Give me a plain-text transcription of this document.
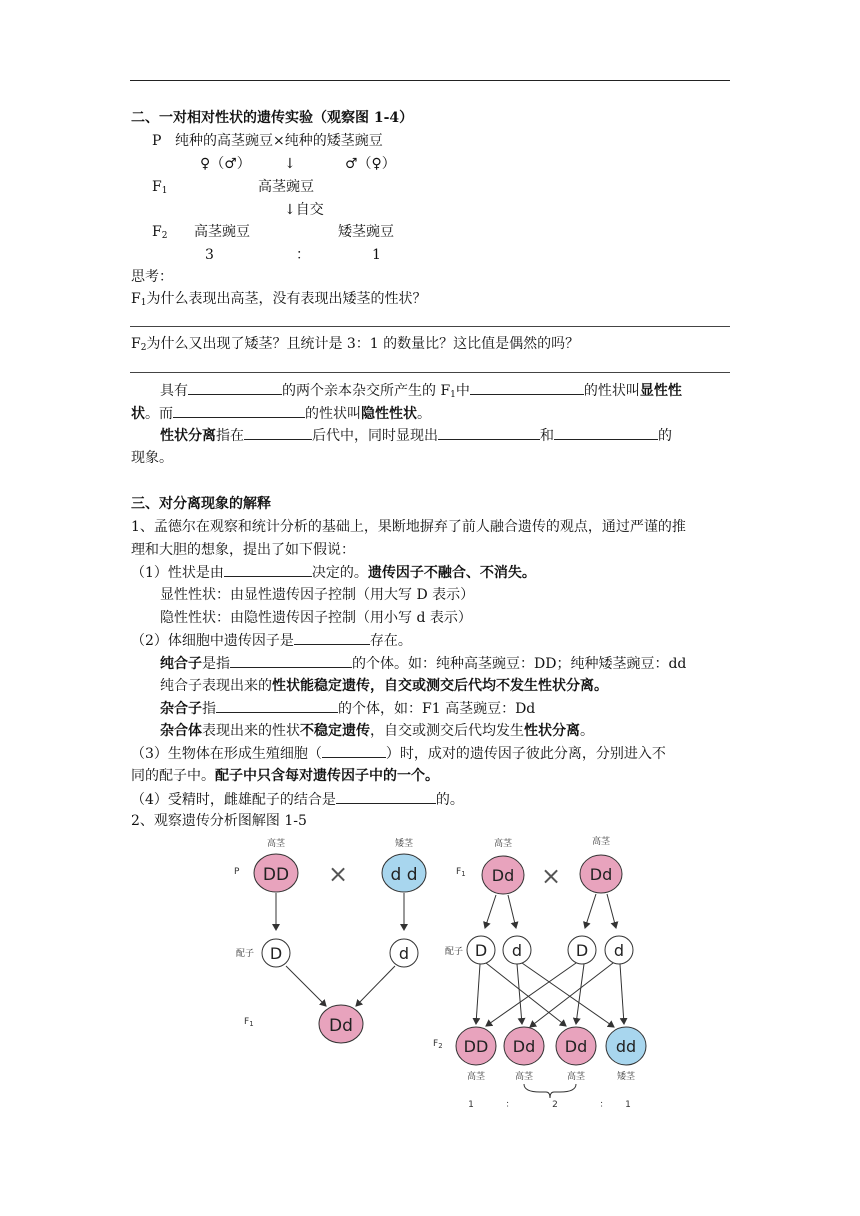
二、一对相对性状的遗传实验（观察图 1-4）
P 纯种的高茎豌豆×纯种的矮茎豌豆
♀（♂） ↓	♂（♀）
$F_1$	高茎豌豆
↓自交
$F_2$ 高茎豌豆	矮茎豌豆
3	：	1
思考：
$F_1$为什么表现出高茎，没有表现出矮茎的性状？
$F_2$为什么又出现了矮茎？且统计是 3：1 的数量比？这比值是偶然的吗？
具有	的两个亲本杂交所产生的 $F_1$中	的性状叫显性性
状。而	的性状叫隐性性状。
性状分离指在	后代中，同时显现出	和	的
现象。
三、对分离现象的解释
1、孟德尔在观察和统计分析的基础上，果断地摒弃了前人融合遗传的观点，通过严谨的推
理和大胆的想象，提出了如下假说：
（1）性状是由	决定的。遗传因子不融合、不消失。
显性性状：由显性遗传因子控制（用大写 D 表示）
隐性性状：由隐性遗传因子控制（用小写 d 表示）
（2）体细胞中遗传因子是	存在。
纯合子是指	的个体。如：纯种高茎豌豆：DD；纯种矮茎豌豆：dd
纯合子表现出来的性状能稳定遗传，自交或测交后代均不发生性状分离。
杂合子指	的个体，如：F1 高茎豌豆：Dd
杂合体表现出来的性状不稳定遗传，自交或测交后代均发生性状分离。
（3）生物体在形成生殖细胞（	）时，成对的遗传因子彼此分离，分别进入不
同的配子中。配子中只含每对遗传因子中的一个。
（4）受精时，雌雄配子的结合是	的。
2、观察遗传分析图解图 1-5
高茎	矮茎
P DD × d d
配子 D	d
$F_1$	Dd
高茎	高茎
$F_1$ Dd × Dd
配子 D d	D d
$F_2$ DD Dd Dd dd
高茎	高茎	高茎	矮茎
1	：	2	： 1
